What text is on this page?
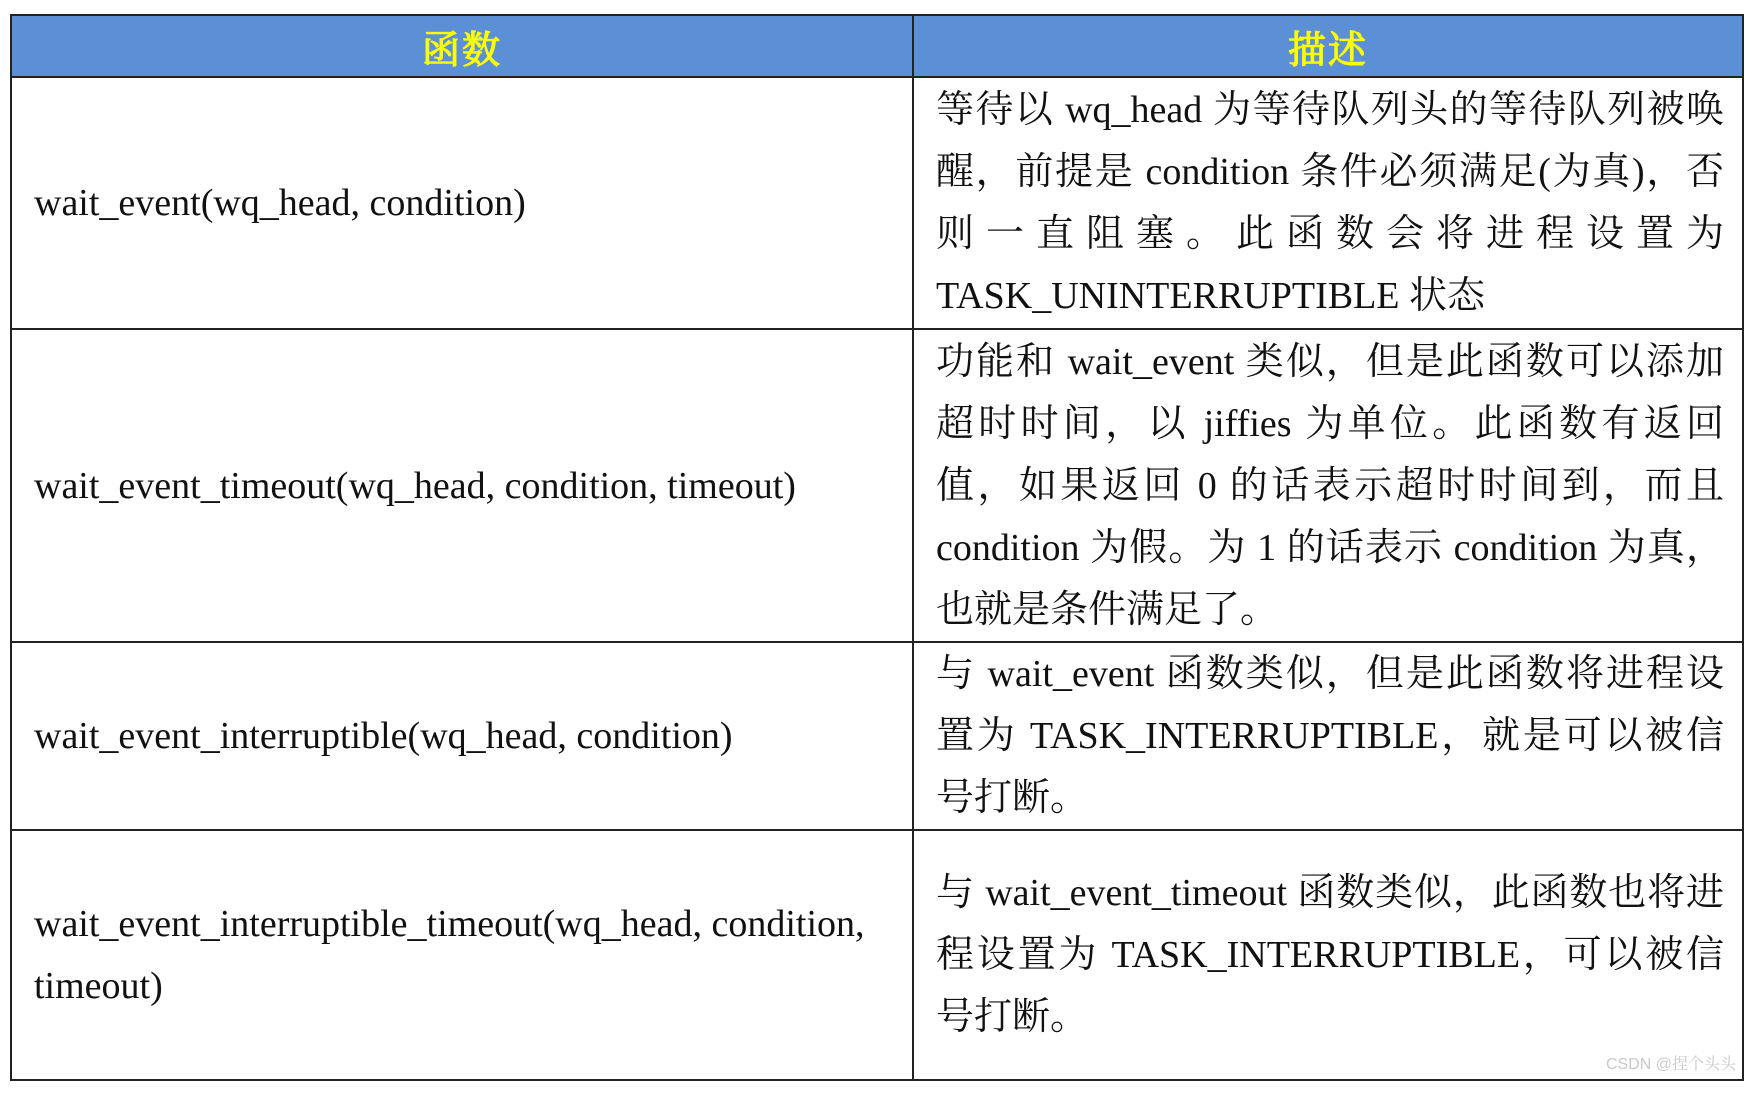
函数	描述
wait_event(wq_head, condition)	等待以 wq_head 为等待队列头的等待队列被唤醒，前提是 condition 条件必须满足(为真)，否则一直阻塞。此函数会将进程设置为 TASK_UNINTERRUPTIBLE 状态
wait_event_timeout(wq_head, condition, timeout)	功能和 wait_event 类似，但是此函数可以添加超时时间，以 jiffies 为单位。此函数有返回值，如果返回 0 的话表示超时时间到，而且 condition 为假。为 1 的话表示 condition 为真，也就是条件满足了。
wait_event_interruptible(wq_head, condition)	与 wait_event 函数类似，但是此函数将进程设置为 TASK_INTERRUPTIBLE，就是可以被信号打断。
wait_event_interruptible_timeout(wq_head, condition, timeout)	与 wait_event_timeout 函数类似，此函数也将进程设置为 TASK_INTERRUPTIBLE，可以被信号打断。
CSDN @捏个头头
